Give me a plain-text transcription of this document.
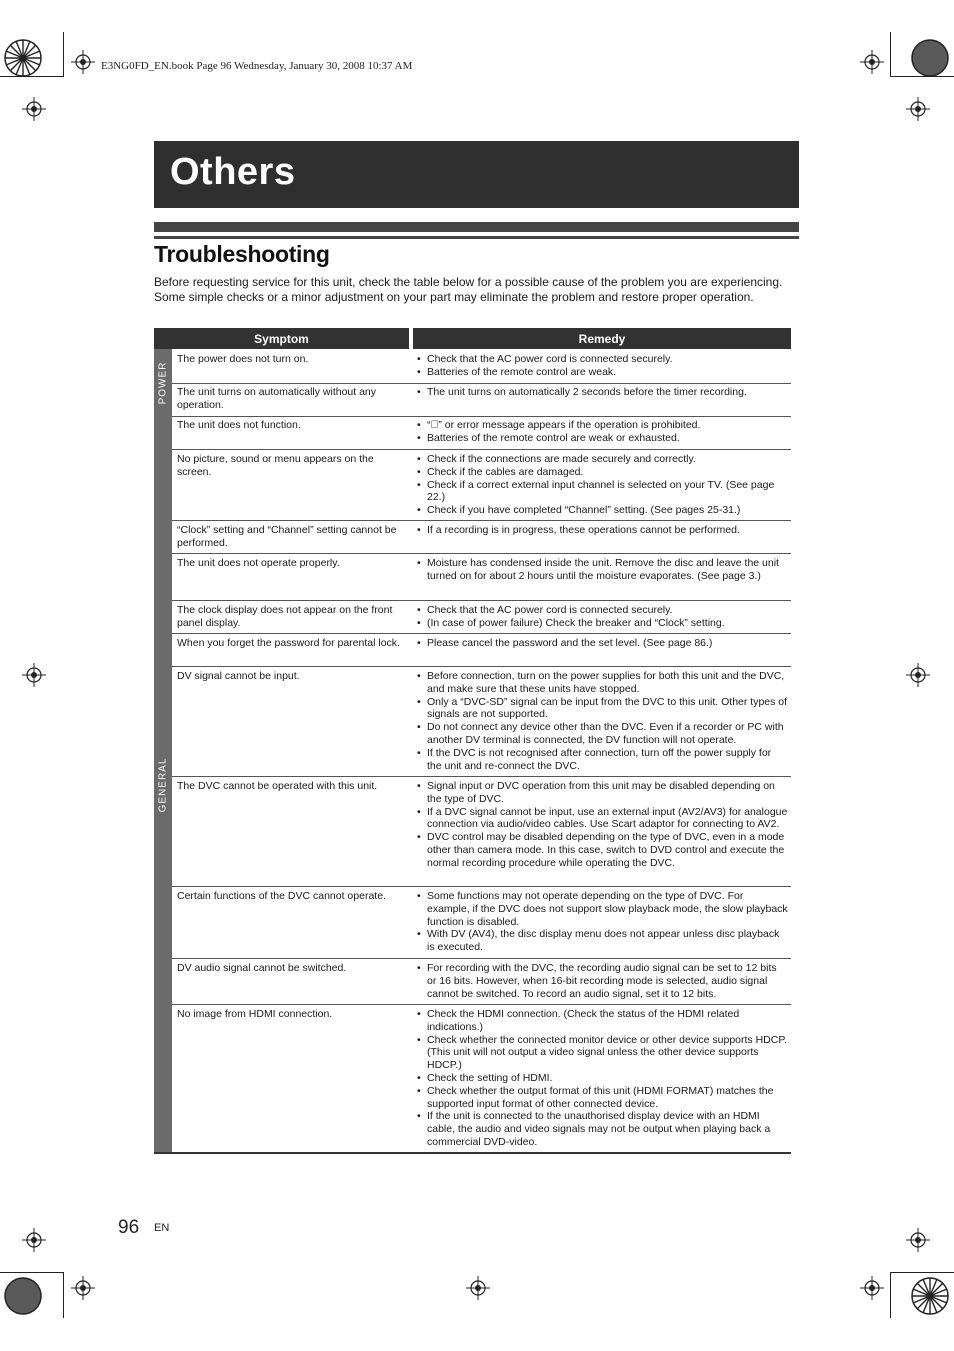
E3NG0FD_EN.book Page 96 Wednesday, January 30, 2008 10:37 AM
Others
Troubleshooting
Before requesting service for this unit, check the table below for a possible cause of the problem you are experiencing. Some simple checks or a minor adjustment on your part may eliminate the problem and restore proper operation.
Symptom	Remedy
POWER
GENERAL
The power does not turn on.	• Check that the AC power cord is connected securely.
• Batteries of the remote control are weak.
The unit turns on automatically without any operation.
• The unit turns on automatically 2 seconds before the timer recording.
The unit does not function.	• “⃠” or error message appears if the operation is prohibited.
• Batteries of the remote control are weak or exhausted.
No picture, sound or menu appears on the screen.
• Check if the connections are made securely and correctly.
• Check if the cables are damaged.
• Check if a correct external input channel is selected on your TV. (See page 22.)
• Check if you have completed “Channel” setting. (See pages 25-31.)
“Clock” setting and “Channel” setting cannot be performed.
• If a recording is in progress, these operations cannot be performed.
The unit does not operate properly.	• Moisture has condensed inside the unit. Remove the disc and leave the unit turned on for about 2 hours until the moisture evaporates. (See page 3.)
The clock display does not appear on the front panel display.
• Check that the AC power cord is connected securely.
• (In case of power failure) Check the breaker and “Clock” setting.
When you forget the password for parental lock.	• Please cancel the password and the set level. (See page 86.)
DV signal cannot be input.	• Before connection, turn on the power supplies for both this unit and the DVC, and make sure that these units have stopped.
• Only a “DVC-SD” signal can be input from the DVC to this unit. Other types of signals are not supported.
• Do not connect any device other than the DVC. Even if a recorder or PC with another DV terminal is connected, the DV function will not operate.
• If the DVC is not recognised after connection, turn off the power supply for the unit and re-connect the DVC.
The DVC cannot be operated with this unit.	• Signal input or DVC operation from this unit may be disabled depending on the type of DVC.
• If a DVC signal cannot be input, use an external input (AV2/AV3) for analogue connection via audio/video cables. Use Scart adaptor for connecting to AV2.
• DVC control may be disabled depending on the type of DVC, even in a mode other than camera mode. In this case, switch to DVD control and execute the normal recording procedure while operating the DVC.
Certain functions of the DVC cannot operate.	• Some functions may not operate depending on the type of DVC. For example, if the DVC does not support slow playback mode, the slow playback function is disabled.
• With DV (AV4), the disc display menu does not appear unless disc playback is executed.
DV audio signal cannot be switched.	• For recording with the DVC, the recording audio signal can be set to 12 bits or 16 bits. However, when 16-bit recording mode is selected, audio signal cannot be switched. To record an audio signal, set it to 12 bits.
No image from HDMI connection.	• Check the HDMI connection. (Check the status of the HDMI related indications.)
• Check whether the connected monitor device or other device supports HDCP. (This unit will not output a video signal unless the other device supports HDCP.)
• Check the setting of HDMI.
• Check whether the output format of this unit (HDMI FORMAT) matches the supported input format of other connected device.
• If the unit is connected to the unauthorised display device with an HDMI cable, the audio and video signals may not be output when playing back a commercial DVD-video.
96 EN
